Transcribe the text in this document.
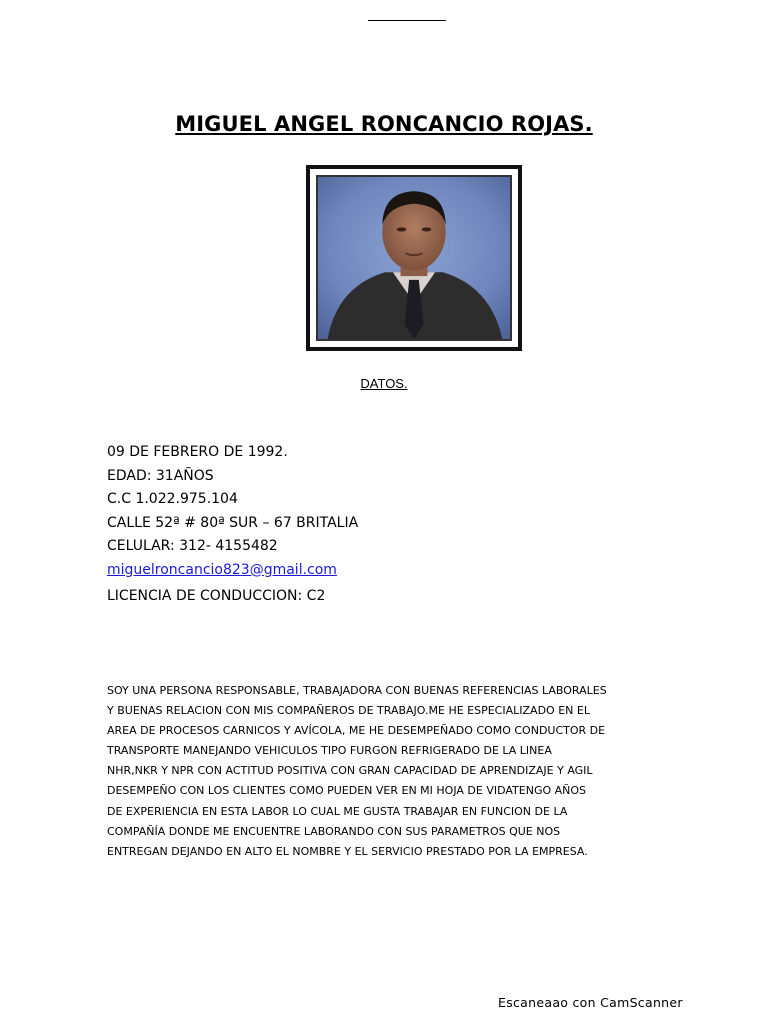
MIGUEL ANGEL RONCANCIO ROJAS.
DATOS.
09 DE FEBRERO DE 1992.
EDAD: 31AÑOS
C.C 1.022.975.104
CALLE 52ª # 80ª SUR – 67 BRITALIA
CELULAR: 312- 4155482
miguelroncancio823@gmail.com
LICENCIA DE CONDUCCION: C2
SOY UNA PERSONA RESPONSABLE, TRABAJADORA CON BUENAS REFERENCIAS LABORALES
Y BUENAS RELACION CON MIS COMPAÑEROS DE TRABAJO.ME HE ESPECIALIZADO EN EL
AREA DE PROCESOS CARNICOS Y AVÍCOLA, ME HE DESEMPEÑADO COMO CONDUCTOR DE
TRANSPORTE MANEJANDO VEHICULOS TIPO FURGON REFRIGERADO DE LA LINEA
NHR,NKR Y NPR CON ACTITUD POSITIVA CON GRAN CAPACIDAD DE APRENDIZAJE Y AGIL
DESEMPEÑO CON LOS CLIENTES COMO PUEDEN VER EN MI HOJA DE VIDATENGO AÑOS
DE EXPERIENCIA EN ESTA LABOR LO CUAL ME GUSTA TRABAJAR EN FUNCION DE LA
COMPAÑÍA DONDE ME ENCUENTRE LABORANDO CON SUS PARAMETROS QUE NOS
ENTREGAN DEJANDO EN ALTO EL NOMBRE Y EL SERVICIO PRESTADO POR LA EMPRESA.
Escaneaao con CamScanner
